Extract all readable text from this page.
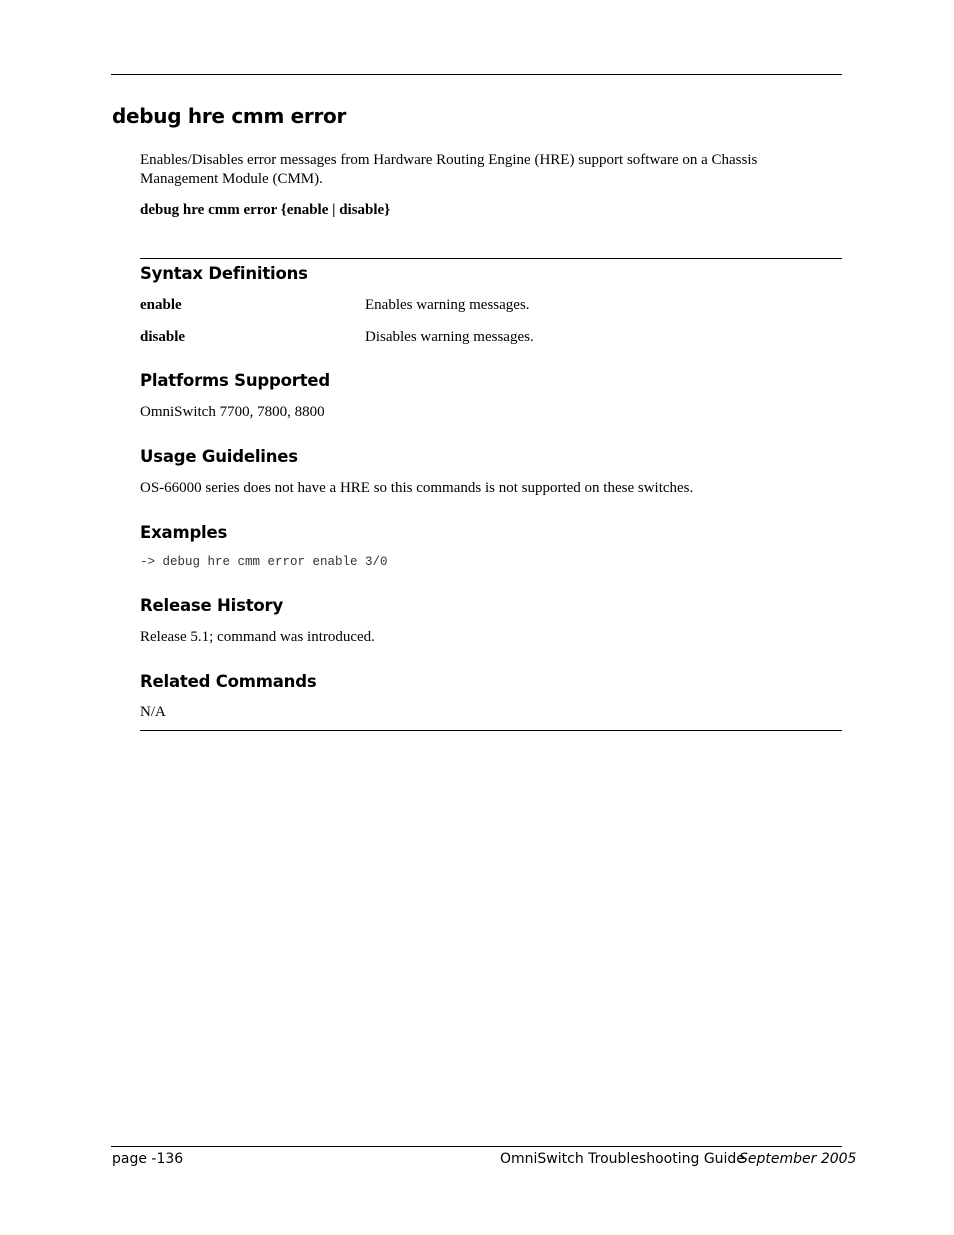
debug hre cmm error

Enables/Disables error messages from Hardware Routing Engine (HRE) support software on a Chassis Management Module (CMM).

debug hre cmm error {enable | disable}

Syntax Definitions
enable	Enables warning messages.
disable	Disables warning messages.
Platforms Supported

OmniSwitch 7700, 7800, 8800

Usage Guidelines

OS-66000 series does not have a HRE so this commands is not supported on these switches.

Examples
-> debug hre cmm error enable 3/0
Release History

Release 5.1; command was introduced.

Related Commands

N/A

page -136	OmniSwitch Troubleshooting Guide
September 2005
